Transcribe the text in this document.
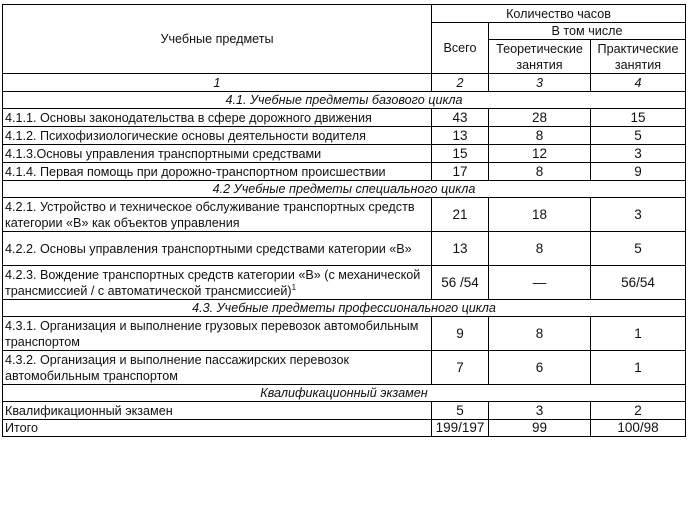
Учебные предметы	Количество часов		
	Всего	В том числе	
		Теоретические занятия	Практические занятия
1	2	3	4
4.1. Учебные предметы базового цикла			
4.1.1. Основы законодательства в сфере дорожного движения	43	28	15
4.1.2. Психофизиологические основы деятельности водителя	13	8	5
4.1.3.Основы управления транспортными средствами	15	12	3
4.1.4. Первая помощь при дорожно-транспортном происшествии	17	8	9
4.2 Учебные предметы специального цикла			
4.2.1. Устройство и техническое обслуживание транспортных средств категории «В» как объектов управления	21	18	3
4.2.2. Основы управления транспортными средствами категории «В»	13	8	5
4.2.3. Вождение транспортных средств категории «В» (с механической трансмиссией / с автоматической трансмиссией)$^1$	56 /54	—	56/54
4.3. Учебные предметы профессионального цикла			
4.3.1. Организация и выполнение грузовых перевозок автомобильным транспортом	9	8	1
4.3.2. Организация и выполнение пассажирских перевозок автомобильным транспортом	7	6	1
Квалификационный экзамен			
Квалификационный экзамен	5	3	2
Итого	199/197	99	100/98
